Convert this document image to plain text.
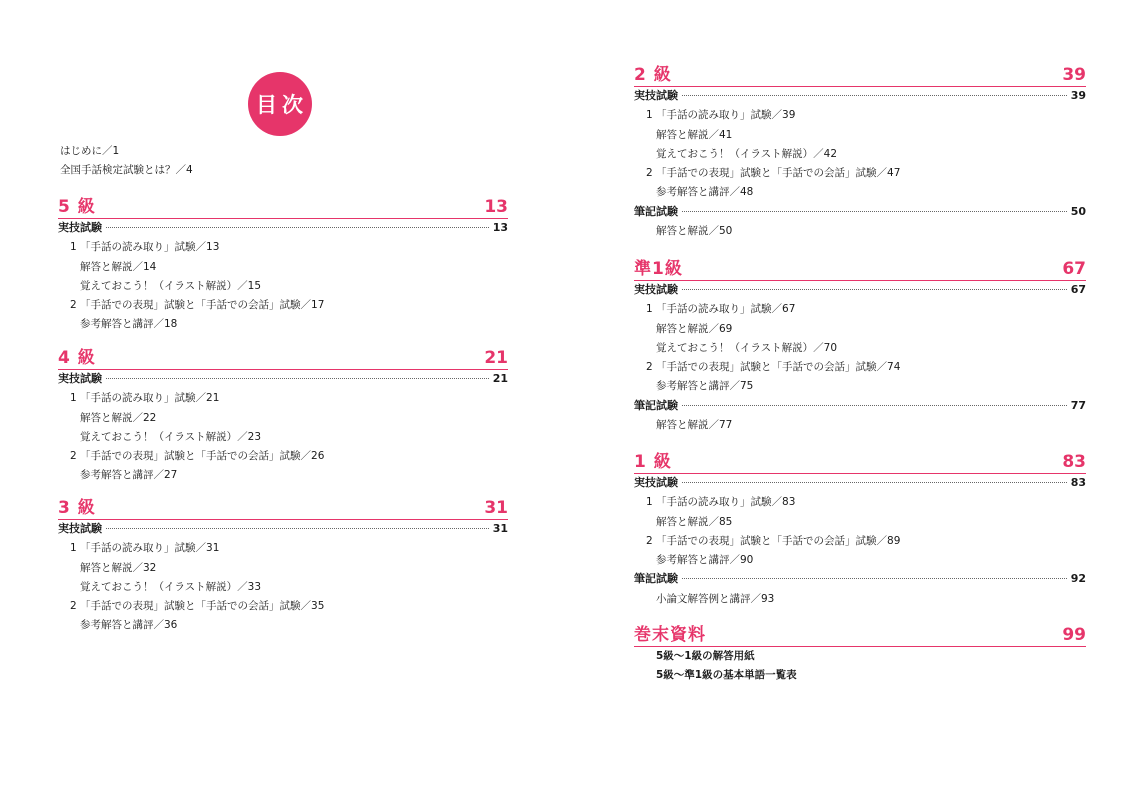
目次
はじめに／1
全国手話検定試験とは？／4
5 級	13
実技試験	13
1 「手話の読み取り」試験／13
解答と解説／14
覚えておこう！（イラスト解説）／15
2 「手話での表現」試験と「手話での会話」試験／17
参考解答と講評／18
4 級	21
実技試験	21
1 「手話の読み取り」試験／21
解答と解説／22
覚えておこう！（イラスト解説）／23
2 「手話での表現」試験と「手話での会話」試験／26
参考解答と講評／27
3 級	31
実技試験	31
1 「手話の読み取り」試験／31
解答と解説／32
覚えておこう！（イラスト解説）／33
2 「手話での表現」試験と「手話での会話」試験／35
参考解答と講評／36
2 級	39
実技試験	39
1 「手話の読み取り」試験／39
解答と解説／41
覚えておこう！（イラスト解説）／42
2 「手話での表現」試験と「手話での会話」試験／47
参考解答と講評／48
筆記試験	50
解答と解説／50
準1級	67
実技試験	67
1 「手話の読み取り」試験／67
解答と解説／69
覚えておこう！（イラスト解説）／70
2 「手話での表現」試験と「手話での会話」試験／74
参考解答と講評／75
筆記試験	77
解答と解説／77
1 級	83
実技試験	83
1 「手話の読み取り」試験／83
解答と解説／85
2 「手話での表現」試験と「手話での会話」試験／89
参考解答と講評／90
筆記試験	92
小論文解答例と講評／93
巻末資料	99
5級〜1級の解答用紙
5級〜準1級の基本単語一覧表
